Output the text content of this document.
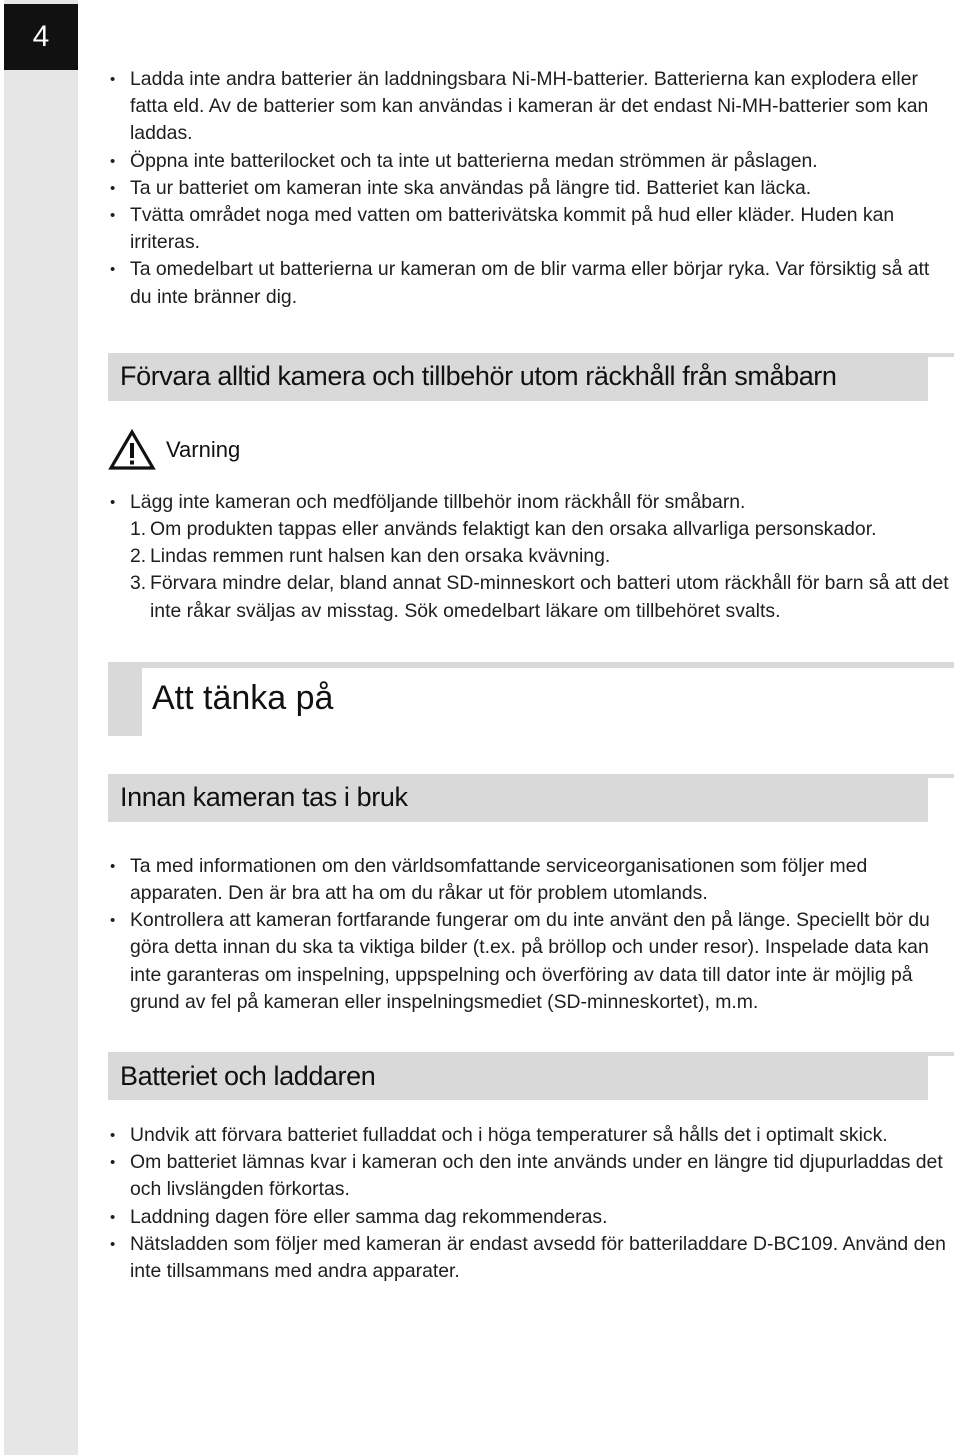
4
• Ladda inte andra batterier än laddningsbara Ni-MH-batterier. Batterierna kan explodera eller fatta eld. Av de batterier som kan användas i kameran är det endast Ni-MH-batterier som kan laddas.
• Öppna inte batterilocket och ta inte ut batterierna medan strömmen är påslagen.
• Ta ur batteriet om kameran inte ska användas på längre tid. Batteriet kan läcka.
• Tvätta området noga med vatten om batterivätska kommit på hud eller kläder. Huden kan irriteras.
• Ta omedelbart ut batterierna ur kameran om de blir varma eller börjar ryka. Var försiktig så att du inte bränner dig.
Förvara alltid kamera och tillbehör utom räckhåll från småbarn
Varning
• Lägg inte kameran och medföljande tillbehör inom räckhåll för småbarn.
1. Om produkten tappas eller används felaktigt kan den orsaka allvarliga personskador.
2. Lindas remmen runt halsen kan den orsaka kvävning.
3. Förvara mindre delar, bland annat SD-minneskort och batteri utom räckhåll för barn så att det inte råkar sväljas av misstag. Sök omedelbart läkare om tillbehöret svalts.
Att tänka på
Innan kameran tas i bruk
• Ta med informationen om den världsomfattande serviceorganisationen som följer med apparaten. Den är bra att ha om du råkar ut för problem utomlands.
• Kontrollera att kameran fortfarande fungerar om du inte använt den på länge. Speciellt bör du göra detta innan du ska ta viktiga bilder (t.ex. på bröllop och under resor). Inspelade data kan inte garanteras om inspelning, uppspelning och överföring av data till dator inte är möjlig på grund av fel på kameran eller inspelningsmediet (SD-minneskortet), m.m.
Batteriet och laddaren
• Undvik att förvara batteriet fulladdat och i höga temperaturer så hålls det i optimalt skick.
• Om batteriet lämnas kvar i kameran och den inte används under en längre tid djupurladdas det och livslängden förkortas.
• Laddning dagen före eller samma dag rekommenderas.
• Nätsladden som följer med kameran är endast avsedd för batteriladdare D-BC109. Använd den inte tillsammans med andra apparater.
